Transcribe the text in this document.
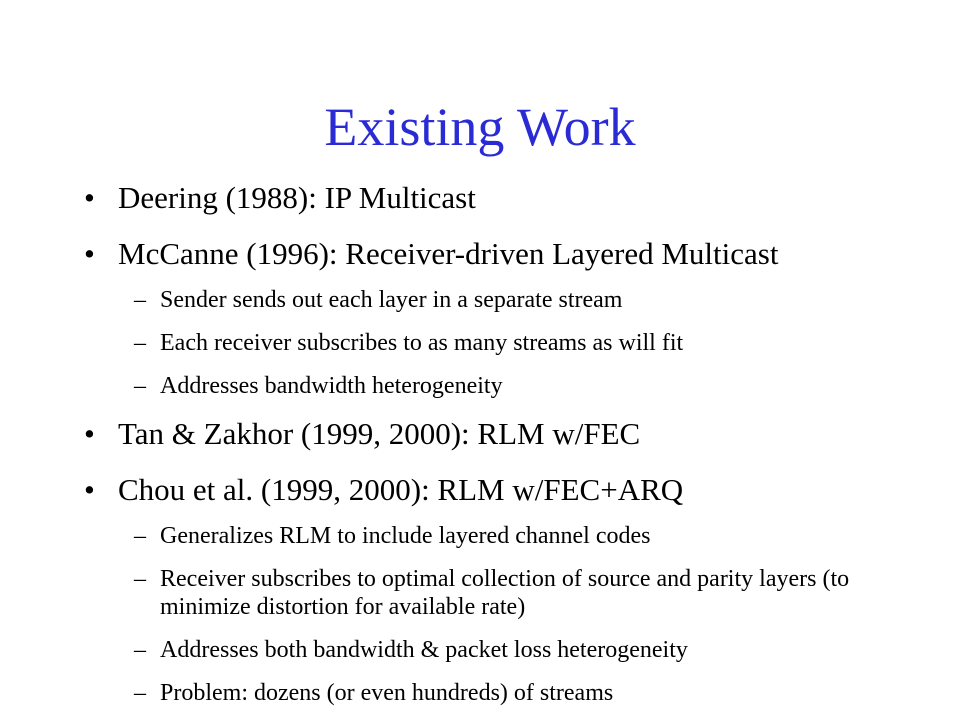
Existing Work
• Deering (1988): IP Multicast
• McCanne (1996): Receiver-driven Layered Multicast
– Sender sends out each layer in a separate stream
– Each receiver subscribes to as many streams as will fit
– Addresses bandwidth heterogeneity
• Tan & Zakhor (1999, 2000): RLM w/FEC
• Chou et al. (1999, 2000): RLM w/FEC+ARQ
– Generalizes RLM to include layered channel codes
– Receiver subscribes to optimal collection of source and parity layers (to minimize distortion for available rate)
– Addresses both bandwidth & packet loss heterogeneity
– Problem: dozens (or even hundreds) of streams
